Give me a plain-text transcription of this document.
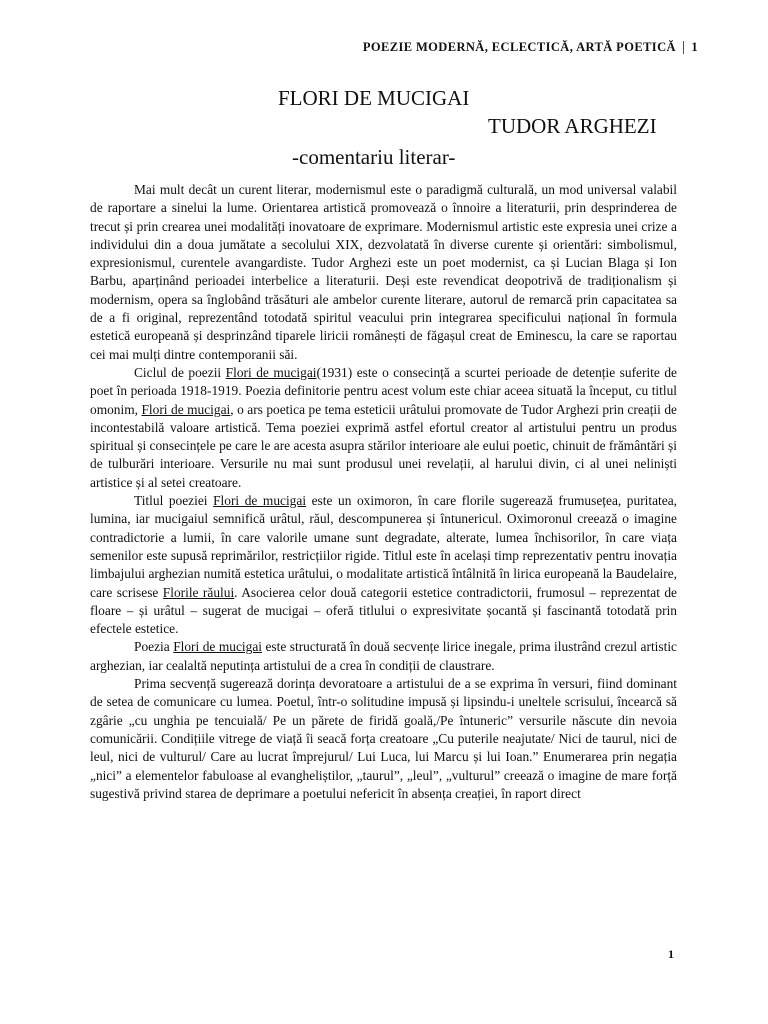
POEZIE MODERNĂ, ECLECTICĂ, ARTĂ POETICĂ | 1
FLORI DE MUCIGAI
TUDOR ARGHEZI
-comentariu literar-

Mai mult decât un curent literar, modernismul este o paradigmă culturală, un mod universal valabil de raportare a sinelui la lume. Orientarea artistică promovează o înnoire a literaturii, prin desprinderea de trecut și prin crearea unei modalități inovatoare de exprimare. Modernismul artistic este expresia unei crize a individului din a doua jumătate a secolului XIX, dezvolatată în diverse curente și orientări: simbolismul, expresionismul, curentele avangardiste. Tudor Arghezi este un poet modernist, ca și Lucian Blaga și Ion Barbu, aparținând perioadei interbelice a literaturii. Deși este revendicat deopotrivă de tradiționalism și modernism, opera sa înglobând trăsături ale ambelor curente literare, autorul de remarcă prin capacitatea sa de a fi original, reprezentând totodată spiritul veacului prin integrarea specificului național în formula estetică europeană și desprinzând tiparele liricii românești de făgașul creat de Eminescu, la care se raportau cei mai mulți dintre contemporanii săi.

Ciclul de poezii Flori de mucigai(1931) este o consecință a scurtei perioade de detenție suferite de poet în perioada 1918-1919. Poezia definitorie pentru acest volum este chiar aceea situată la început, cu titlul omonim, Flori de mucigai, o ars poetica pe tema esteticii urâtului promovate de Tudor Arghezi prin creații de incontestabilă valoare artistică. Tema poeziei exprimă astfel efortul creator al artistului pentru un produs spiritual și consecințele pe care le are acesta asupra stărilor interioare ale eului poetic, chinuit de frământări și de tulburări interioare. Versurile nu mai sunt produsul unei revelații, al harului divin, ci al unei neliniști artistice și al setei creatoare.

Titlul poeziei Flori de mucigai este un oximoron, în care florile sugerează frumusețea, puritatea, lumina, iar mucigaiul semnifică urâtul, răul, descompunerea și întunericul. Oximoronul creează o imagine contradictorie a lumii, în care valorile umane sunt degradate, alterate, lumea închisorilor, în care viața semenilor este supusă reprimărilor, restricțiilor rigide. Titlul este în același timp reprezentativ pentru inovația limbajului arghezian numită estetica urâtului, o modalitate artistică întâlnită în lirica europeană la Baudelaire, care scrisese Florile răului. Asocierea celor două categorii estetice contradictorii, frumosul – reprezentat de floare – și urâtul – sugerat de mucigai – oferă titlului o expresivitate șocantă și fascinantă totodată prin efectele estetice.

Poezia Flori de mucigai este structurată în două secvențe lirice inegale, prima ilustrând crezul artistic arghezian, iar cealaltă neputința artistului de a crea în condiții de claustrare.

Prima secvență sugerează dorința devoratoare a artistului de a se exprima în versuri, fiind dominant de setea de comunicare cu lumea. Poetul, într-o solitudine impusă și lipsindu-i uneltele scrisului, încearcă să zgârie „cu unghia pe tencuială/ Pe un părete de firidă goală,/Pe întuneric” versurile născute din nevoia comunicării. Condițiile vitrege de viață îi seacă forța creatoare „Cu puterile neajutate/ Nici de taurul, nici de leul, nici de vulturul/ Care au lucrat împrejurul/ Lui Luca, lui Marcu și lui Ioan.” Enumerarea prin negația „nici” a elementelor fabuloase al evangheliștilor, „taurul”, „leul”, „vulturul” creează o imagine de mare forță sugestivă privind starea de deprimare a poetului nefericit în absența creației, în raport direct

1
